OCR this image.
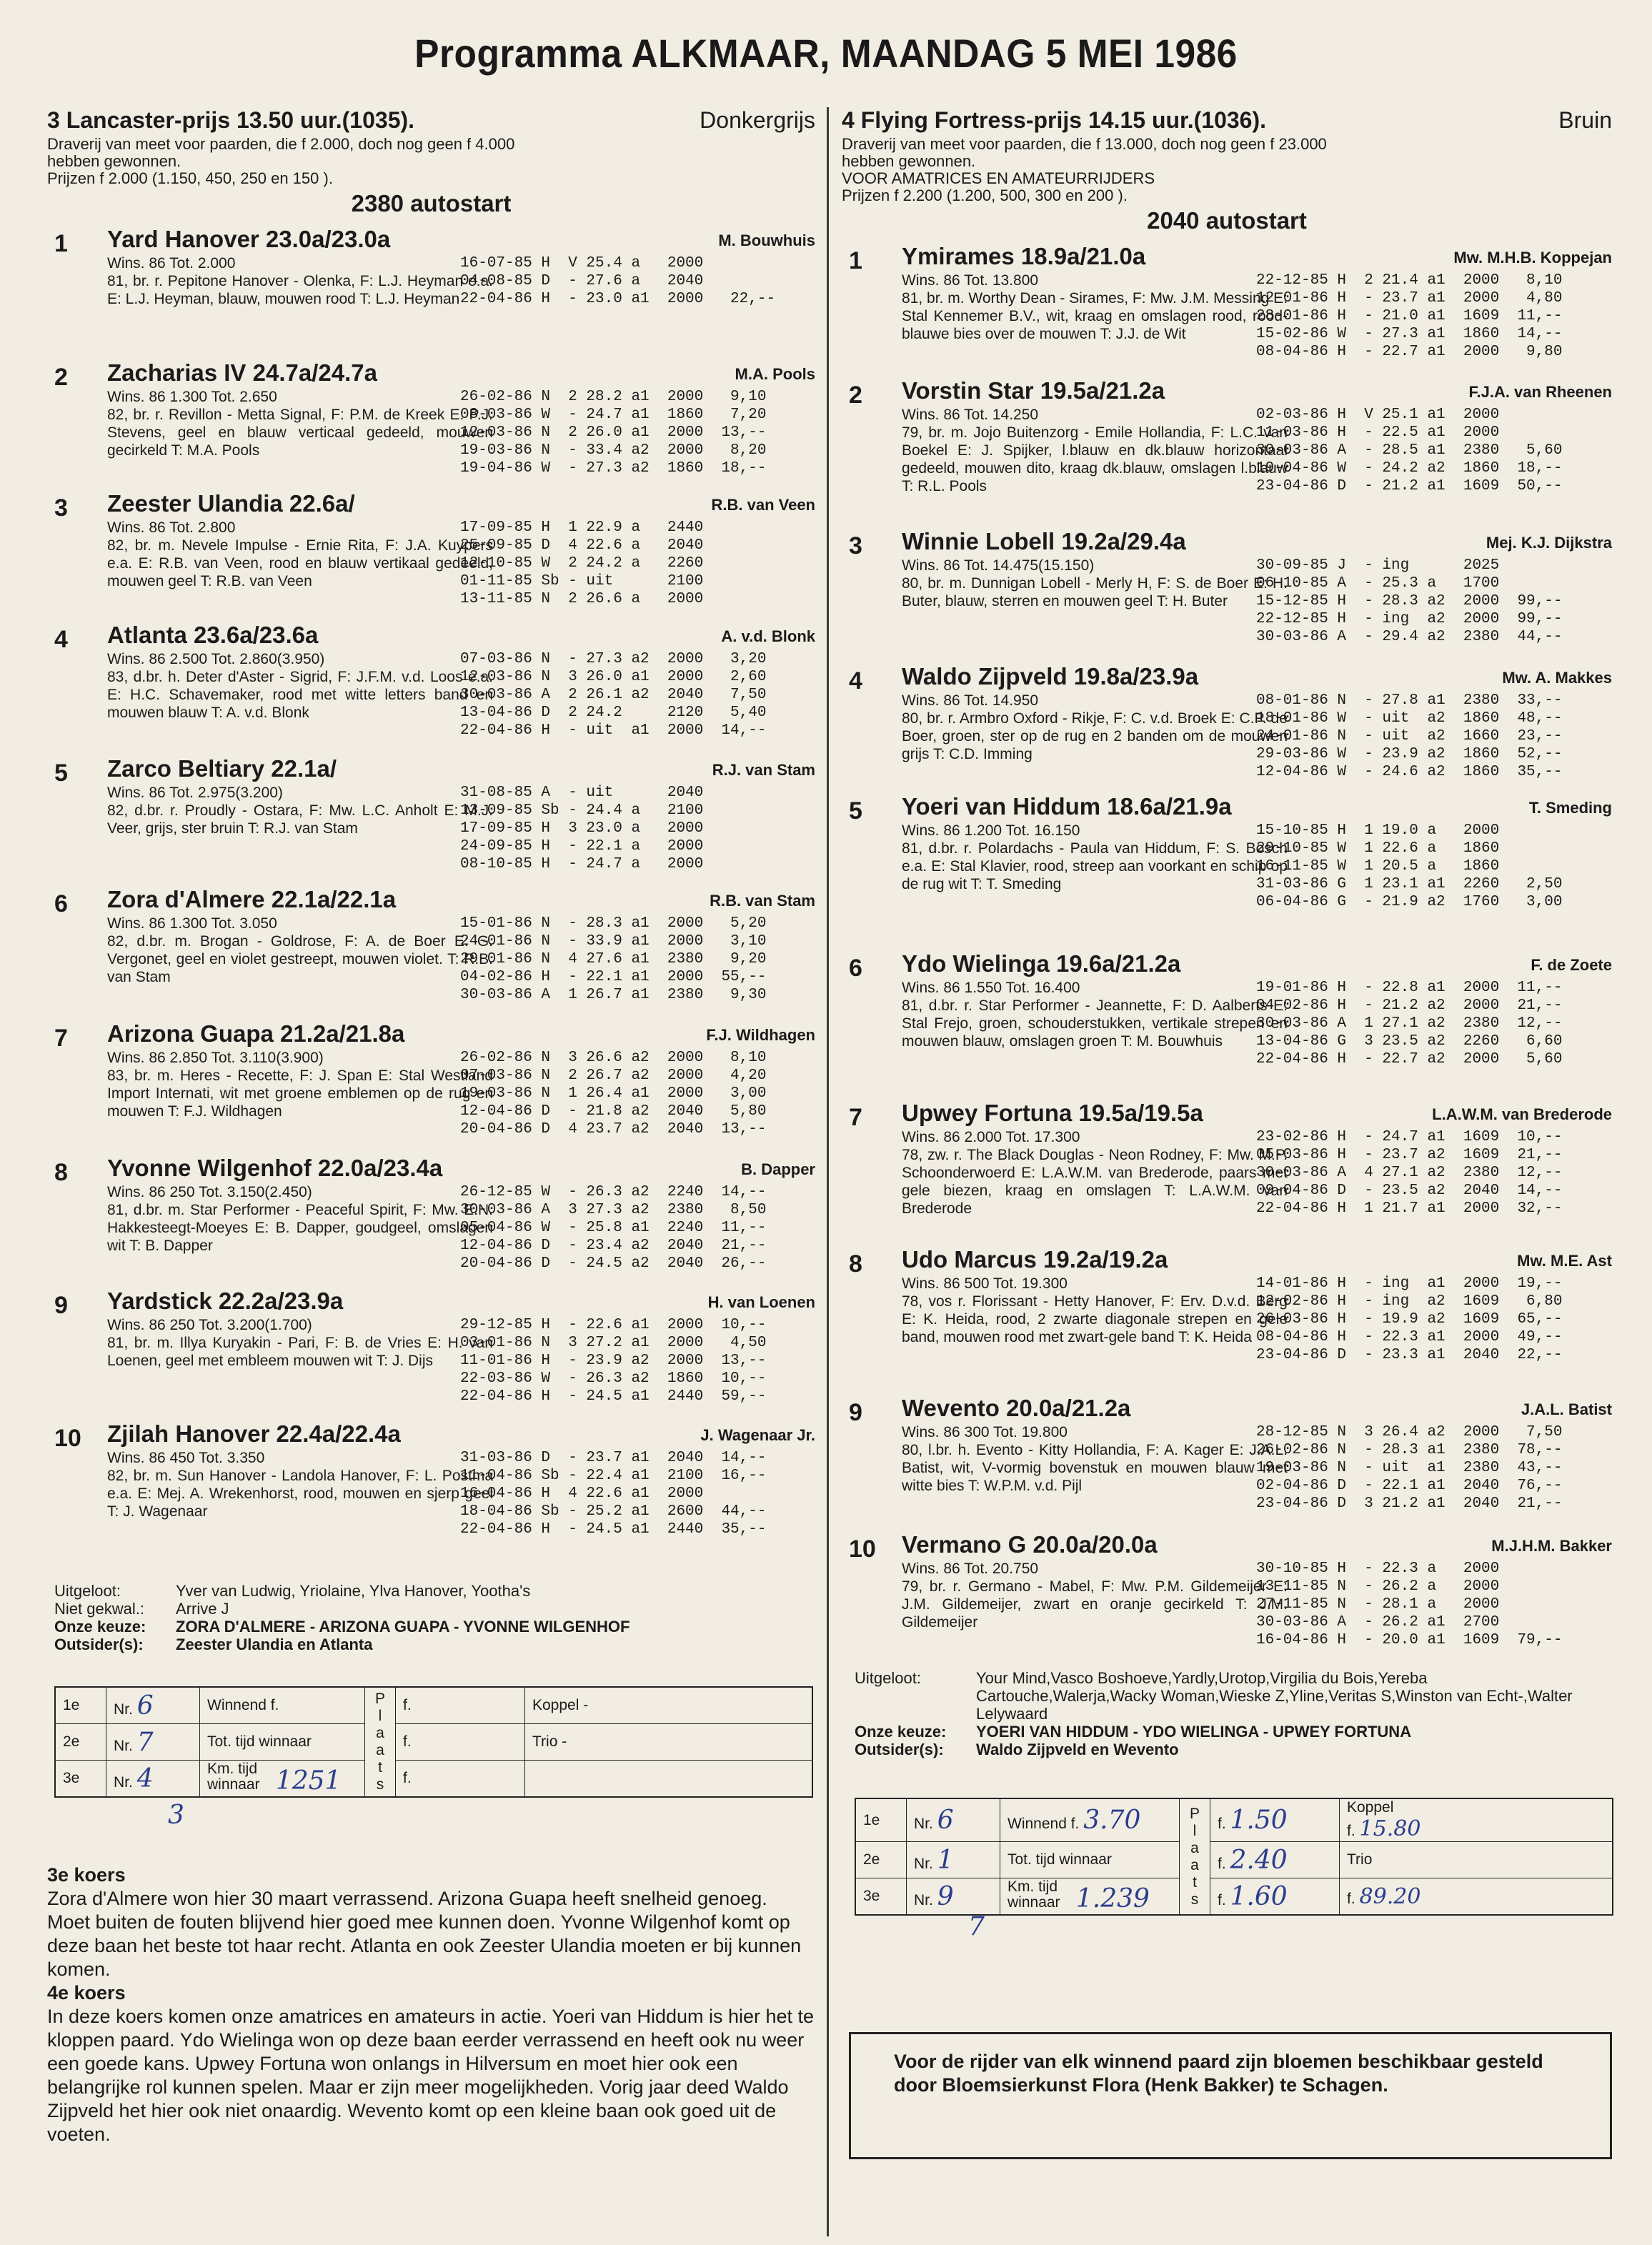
Programma ALKMAAR, MAANDAG 5 MEI 1986
3 Lancaster-prijs 13.50 uur.(1035).	Donkergrijs
Draverij van meet voor paarden, die f 2.000, doch nog geen f 4.000
hebben gewonnen.
Prijzen f 2.000 (1.150, 450, 250 en 150 ).
2380 autostart
1 Yard Hanover 23.0a/23.0a	M. Bouwhuis
Wins. 86 Tot. 2.000
81, br. r. Pepitone Hanover - Olenka, F: L.J. Heyman e.a. E: L.J. Heyman, blauw, mouwen rood T: L.J. Heyman
16-07-85 H  V 25.4 a   2000
04-08-85 D  - 27.6 a   2040
22-04-86 H  - 23.0 a1  2000   22,--
2 Zacharias IV 24.7a/24.7a	M.A. Pools
Wins. 86 1.300 Tot. 2.650
82, br. r. Revillon - Metta Signal, F: P.M. de Kreek E: P.J. Stevens, geel en blauw verticaal gedeeld, mouwen gecirkeld T: M.A. Pools
26-02-86 N  2 28.2 a1  2000   9,10
08-03-86 W  - 24.7 a1  1860   7,20
12-03-86 N  2 26.0 a1  2000  13,--
19-03-86 N  - 33.4 a2  2000   8,20
19-04-86 W  - 27.3 a2  1860  18,--
3 Zeester Ulandia 22.6a/	R.B. van Veen
Wins. 86 Tot. 2.800
82, br. m. Nevele Impulse - Ernie Rita, F: J.A. Kuypers e.a. E: R.B. van Veen, rood en blauw vertikaal gedeeld, mouwen geel T: R.B. van Veen
17-09-85 H  1 22.9 a   2440
25-09-85 D  4 22.6 a   2040
12-10-85 W  2 24.2 a   2260
01-11-85 Sb - uit      2100
13-11-85 N  2 26.6 a   2000
4 Atlanta 23.6a/23.6a	A. v.d. Blonk
Wins. 86 2.500 Tot. 2.860(3.950)
83, d.br. h. Deter d'Aster - Sigrid, F: J.F.M. v.d. Loos e.a. E: H.C. Schavemaker, rood met witte letters band en mouwen blauw T: A. v.d. Blonk
07-03-86 N  - 27.3 a2  2000   3,20
12-03-86 N  3 26.0 a1  2000   2,60
30-03-86 A  2 26.1 a2  2040   7,50
13-04-86 D  2 24.2     2120   5,40
22-04-86 H  - uit  a1  2000  14,--
5 Zarco Beltiary 22.1a/	R.J. van Stam
Wins. 86 Tot. 2.975(3.200)
82, d.br. r. Proudly - Ostara, F: Mw. L.C. Anholt E: M.J. Veer, grijs, ster bruin T: R.J. van Stam
31-08-85 A  - uit      2040
13-09-85 Sb - 24.4 a   2100
17-09-85 H  3 23.0 a   2000
24-09-85 H  - 22.1 a   2000
08-10-85 H  - 24.7 a   2000
6 Zora d'Almere 22.1a/22.1a	R.B. van Stam
Wins. 86 1.300 Tot. 3.050
82, d.br. m. Brogan - Goldrose, F: A. de Boer E: G. Vergonet, geel en violet gestreept, mouwen violet. T: R.B. van Stam
15-01-86 N  - 28.3 a1  2000   5,20
24-01-86 N  - 33.9 a1  2000   3,10
29-01-86 N  4 27.6 a1  2380   9,20
04-02-86 H  - 22.1 a1  2000  55,--
30-03-86 A  1 26.7 a1  2380   9,30
7 Arizona Guapa 21.2a/21.8a	F.J. Wildhagen
Wins. 86 2.850 Tot. 3.110(3.900)
83, br. m. Heres - Recette, F: J. Span E: Stal Westland Import Internati, wit met groene emblemen op de rug en mouwen T: F.J. Wildhagen
26-02-86 N  3 26.6 a2  2000   8,10
07-03-86 N  2 26.7 a2  2000   4,20
19-03-86 N  1 26.4 a1  2000   3,00
12-04-86 D  - 21.8 a2  2040   5,80
20-04-86 D  4 23.7 a2  2040  13,--
8 Yvonne Wilgenhof 22.0a/23.4a	B. Dapper
Wins. 86 250 Tot. 3.150(2.450)
81, d.br. m. Star Performer - Peaceful Spirit, F: Mw. E.N. Hakkesteegt-Moeyes E: B. Dapper, goudgeel, omslagen wit T: B. Dapper
26-12-85 W  - 26.3 a2  2240  14,--
30-03-86 A  3 27.3 a2  2380   8,50
05-04-86 W  - 25.8 a1  2240  11,--
12-04-86 D  - 23.4 a2  2040  21,--
20-04-86 D  - 24.5 a2  2040  26,--
9 Yardstick 22.2a/23.9a	H. van Loenen
Wins. 86 250 Tot. 3.200(1.700)
81, br. m. Illya Kuryakin - Pari, F: B. de Vries E: H. van Loenen, geel met embleem mouwen wit T: J. Dijs
29-12-85 H  - 22.6 a1  2000  10,--
03-01-86 N  3 27.2 a1  2000   4,50
11-01-86 H  - 23.9 a2  2000  13,--
22-03-86 W  - 26.3 a2  1860  10,--
22-04-86 H  - 24.5 a1  2440  59,--
10 Zjilah Hanover 22.4a/22.4a	J. Wagenaar Jr.
Wins. 86 450 Tot. 3.350
82, br. m. Sun Hanover - Landola Hanover, F: L. Postma e.a. E: Mej. A. Wrekenhorst, rood, mouwen en sjerp geel T: J. Wagenaar
31-03-86 D  - 23.7 a1  2040  14,--
11-04-86 Sb - 22.4 a1  2100  16,--
16-04-86 H  4 22.6 a1  2000
18-04-86 Sb - 25.2 a1  2600  44,--
22-04-86 H  - 24.5 a1  2440  35,--
4 Flying Fortress-prijs 14.15 uur.(1036).	Bruin
Draverij van meet voor paarden, die f 13.000, doch nog geen f 23.000
hebben gewonnen.
VOOR AMATRICES EN AMATEURRIJDERS
Prijzen f 2.200 (1.200, 500, 300 en 200 ).
2040 autostart
1 Ymirames 18.9a/21.0a	Mw. M.H.B. Koppejan
Wins. 86 Tot. 13.800
81, br. m. Worthy Dean - Sirames, F: Mw. J.M. Messing E: Stal Kennemer B.V., wit, kraag en omslagen rood, rood-blauwe bies over de mouwen T: J.J. de Wit
22-12-85 H  2 21.4 a1  2000   8,10
12-01-86 H  - 23.7 a1  2000   4,80
28-01-86 H  - 21.0 a1  1609  11,--
15-02-86 W  - 27.3 a1  1860  14,--
08-04-86 H  - 22.7 a1  2000   9,80
2 Vorstin Star 19.5a/21.2a	F.J.A. van Rheenen
Wins. 86 Tot. 14.250
79, br. m. Jojo Buitenzorg - Emile Hollandia, F: L.C. van Boekel E: J. Spijker, l.blauw en dk.blauw horizontaal gedeeld, mouwen dito, kraag dk.blauw, omslagen l.blauw T: R.L. Pools
02-03-86 H  V 25.1 a1  2000
11-03-86 H  - 22.5 a1  2000
30-03-86 A  - 28.5 a1  2380   5,60
19-04-86 W  - 24.2 a2  1860  18,--
23-04-86 D  - 21.2 a1  1609  50,--
3 Winnie Lobell 19.2a/29.4a	Mej. K.J. Dijkstra
Wins. 86 Tot. 14.475(15.150)
80, br. m. Dunnigan Lobell - Merly H, F: S. de Boer E: H. Buter, blauw, sterren en mouwen geel T: H. Buter
30-09-85 J  - ing      2025
06-10-85 A  - 25.3 a   1700
15-12-85 H  - 28.3 a2  2000  99,--
22-12-85 H  - ing  a2  2000  99,--
30-03-86 A  - 29.4 a2  2380  44,--
4 Waldo Zijpveld 19.8a/23.9a	Mw. A. Makkes
Wins. 86 Tot. 14.950
80, br. r. Armbro Oxford - Rikje, F: C. v.d. Broek E: C.P. de Boer, groen, ster op de rug en 2 banden om de mouwen grijs T: C.D. Imming
08-01-86 N  - 27.8 a1  2380  33,--
18-01-86 W  - uit  a2  1860  48,--
24-01-86 N  - uit  a2  1660  23,--
29-03-86 W  - 23.9 a2  1860  52,--
12-04-86 W  - 24.6 a2  1860  35,--
5 Yoeri van Hiddum 18.6a/21.9a	T. Smeding
Wins. 86 1.200 Tot. 16.150
81, d.br. r. Polardachs - Paula van Hiddum, F: S. Bosch e.a. E: Stal Klavier, rood, streep aan voorkant en schip op de rug wit T: T. Smeding
15-10-85 H  1 19.0 a   2000
29-10-85 W  1 22.6 a   1860
16-11-85 W  1 20.5 a   1860
31-03-86 G  1 23.1 a1  2260   2,50
06-04-86 G  - 21.9 a2  1760   3,00
6 Ydo Wielinga 19.6a/21.2a	F. de Zoete
Wins. 86 1.550 Tot. 16.400
81, d.br. r. Star Performer - Jeannette, F: D. Aalberts E: Stal Frejo, groen, schouderstukken, vertikale strepen en mouwen blauw, omslagen groen T: M. Bouwhuis
19-01-86 H  - 22.8 a1  2000  11,--
04-02-86 H  - 21.2 a2  2000  21,--
30-03-86 A  1 27.1 a2  2380  12,--
13-04-86 G  3 23.5 a2  2260   6,60
22-04-86 H  - 22.7 a2  2000   5,60
7 Upwey Fortuna 19.5a/19.5a	L.A.W.M. van Brederode
Wins. 86 2.000 Tot. 17.300
78, zw. r. The Black Douglas - Neon Rodney, F: Mw. M.P. Schoonderwoerd E: L.A.W.M. van Brederode, paars met gele biezen, kraag en omslagen T: L.A.W.M. van Brederode
23-02-86 H  - 24.7 a1  1609  10,--
05-03-86 H  - 23.7 a2  1609  21,--
30-03-86 A  4 27.1 a2  2380  12,--
09-04-86 D  - 23.5 a2  2040  14,--
22-04-86 H  1 21.7 a1  2000  32,--
8 Udo Marcus 19.2a/19.2a	Mw. M.E. Ast
Wins. 86 500 Tot. 19.300
78, vos r. Florissant - Hetty Hanover, F: Erv. D.v.d. Berg E: K. Heida, rood, 2 zwarte diagonale strepen en gele band, mouwen rood met zwart-gele band T: K. Heida
14-01-86 H  - ing  a1  2000  19,--
12-02-86 H  - ing  a2  1609   6,80
26-03-86 H  - 19.9 a2  1609  65,--
08-04-86 H  - 22.3 a1  2000  49,--
23-04-86 D  - 23.3 a1  2040  22,--
9 Wevento 20.0a/21.2a	J.A.L. Batist
Wins. 86 300 Tot. 19.800
80, l.br. h. Evento - Kitty Hollandia, F: A. Kager E: J.A.L. Batist, wit, V-vormig bovenstuk en mouwen blauw met witte bies T: W.P.M. v.d. Pijl
28-12-85 N  3 26.4 a2  2000   7,50
26-02-86 N  - 28.3 a1  2380  78,--
19-03-86 N  - uit  a1  2380  43,--
02-04-86 D  - 22.1 a1  2040  76,--
23-04-86 D  3 21.2 a1  2040  21,--
10 Vermano G 20.0a/20.0a	M.J.H.M. Bakker
Wins. 86 Tot. 20.750
79, br. r. Germano - Mabel, F: Mw. P.M. Gildemeijer E: J.M. Gildemeijer, zwart en oranje gecirkeld T: J.M. Gildemeijer
30-10-85 H  - 22.3 a   2000
13-11-85 N  - 26.2 a   2000
27-11-85 N  - 28.1 a   2000
30-03-86 A  - 26.2 a1  2700
16-04-86 H  - 20.0 a1  1609  79,--
Uitgeloot:	Yver van Ludwig, Yriolaine, Ylva Hanover, Yootha's
Niet gekwal.:	Arrive J
Onze keuze:	ZORA D'ALMERE - ARIZONA GUAPA - YVONNE WILGENHOF
Outsider(s):	Zeester Ulandia en Atlanta
1e	Nr. 6	Winnend f.	P l a a t s	f.	Koppel -
2e	Nr. 7	Tot. tijd winnaar		f.	Trio -
3e	Nr. 4	Km. tijd winnaar 1251		f.	
3
3e koers
Zora d'Almere won hier 30 maart verrassend. Arizona Guapa heeft snelheid genoeg. Moet buiten de fouten blijvend hier goed mee kunnen doen. Yvonne Wilgenhof komt op deze baan het beste tot haar recht. Atlanta en ook Zeester Ulandia moeten er bij kunnen komen.
4e koers
In deze koers komen onze amatrices en amateurs in actie. Yoeri van Hiddum is hier het te kloppen paard. Ydo Wielinga won op deze baan eerder verrassend en heeft ook nu weer een goede kans. Upwey Fortuna won onlangs in Hilversum en moet hier ook een belangrijke rol kunnen spelen. Maar er zijn meer mogelijkheden. Vorig jaar deed Waldo Zijpveld het hier ook niet onaardig. Wevento komt op een kleine baan ook goed uit de voeten.
Uitgeloot:	Your Mind,Vasco Boshoeve,Yardly,Urotop,Virgilia du Bois,Yereba Cartouche,Walerja,Wacky Woman,Wieske Z,Yline,Veritas S,Winston van Echt-,Walter Lelywaard
Onze keuze:	YOERI VAN HIDDUM - YDO WIELINGA - UPWEY FORTUNA
Outsider(s):	Waldo Zijpveld en Wevento
1e	Nr. 6	Winnend f. 3.70	P l a a t s	f. 1.50	Koppel
f. 15.80
2e	Nr. 1	Tot. tijd winnaar		f. 2.40	Trio
3e	Nr. 9	Km. tijd winnaar 1.239		f. 1.60	f. 89.20
7
Voor de rijder van elk winnend paard zijn bloemen beschikbaar gesteld door Bloemsierkunst Flora (Henk Bakker) te Schagen.
